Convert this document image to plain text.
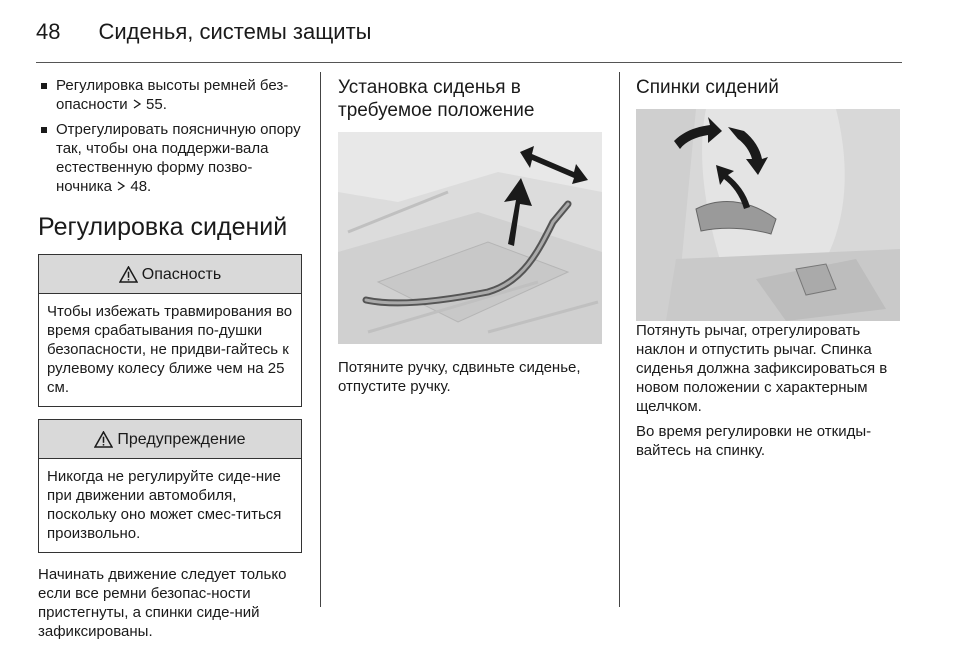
48 Сиденья, системы защиты
Регулировка высоты ремней без-опасности 55.
Отрегулировать поясничную опору так, чтобы она поддержи-вала естественную форму позво-ночника 48.
Регулировка сидений
Опасность
Чтобы избежать травмирования во время срабатывания по-душки безопасности, не придви-гайтесь к рулевому колесу ближе чем на 25 см.
Предупреждение
Никогда не регулируйте сиде-ние при движении автомобиля, поскольку оно может смес-титься произвольно.

Начинать движение следует только если все ремни безопас-ности пристегнуты, а спинки сиде-ний зафиксированы.

Установка сиденья в требуемое положение

Потяните ручку, сдвиньте сиденье, отпустите ручку.

Спинки сидений

Потянуть рычаг, отрегулировать наклон и отпустить рычаг. Спинка сиденья должна зафиксироваться в новом положении с характерным щелчком.

Во время регулировки не откиды-вайтесь на спинку.
